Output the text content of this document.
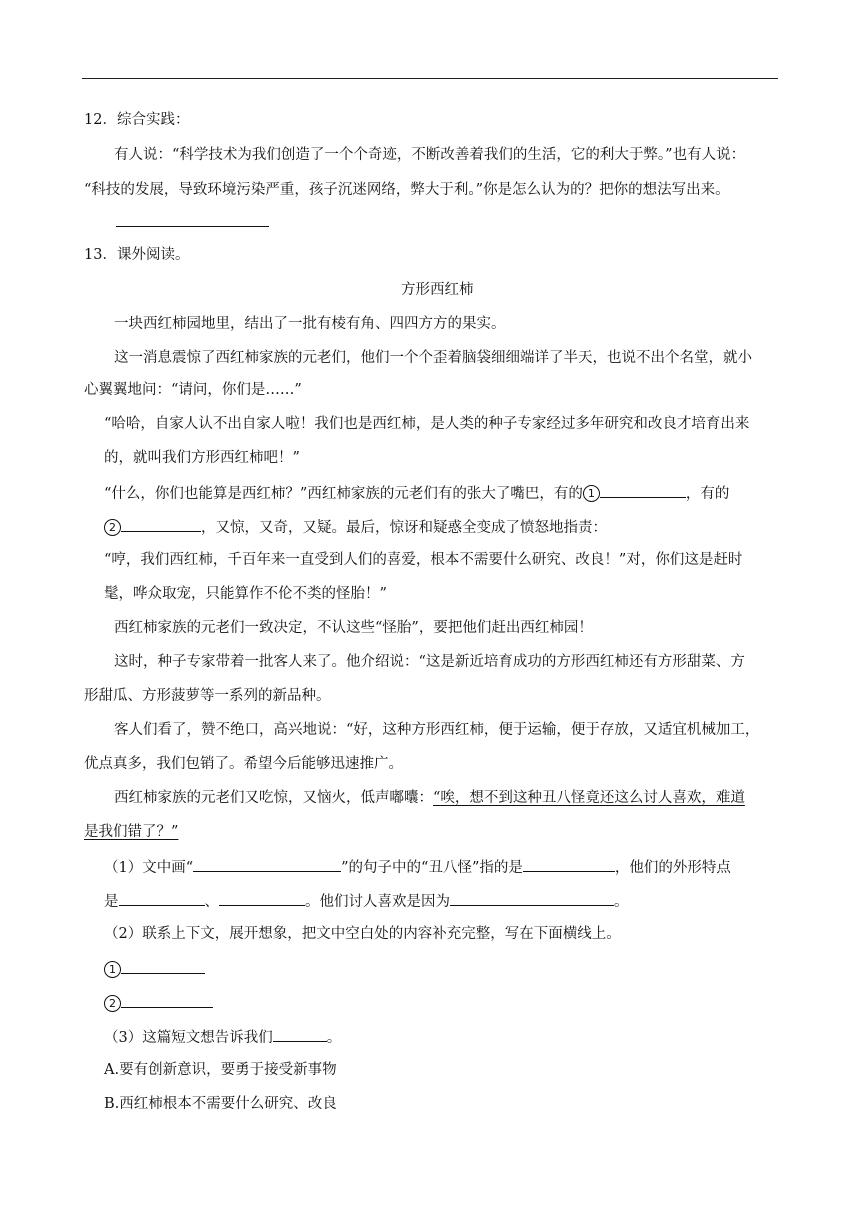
12．综合实践：
有人说：“科学技术为我们创造了一个个奇迹，不断改善着我们的生活，它的利大于弊。”也有人说：
“科技的发展，导致环境污染严重，孩子沉迷网络，弊大于利。”你是怎么认为的？把你的想法写出来。
13．课外阅读。
方形西红柿
一块西红柿园地里，结出了一批有棱有角、四四方方的果实。
这一消息震惊了西红柿家族的元老们，他们一个个歪着脑袋细细端详了半天，也说不出个名堂，就小
心翼翼地问：“请问，你们是……”
“哈哈，自家人认不出自家人啦！我们也是西红柿，是人类的种子专家经过多年研究和改良才培育出来
的，就叫我们方形西红柿吧！”
“什么，你们也能算是西红柿？”西红柿家族的元老们有的张大了嘴巴，有的 1	，有的
2	，又惊，又奇，又疑。最后，惊讶和疑惑全变成了愤怒地指责：
“哼，我们西红柿，千百年来一直受到人们的喜爱，根本不需要什么研究、改良！”对，你们这是赶时
髦，哗众取宠，只能算作不伦不类的怪胎！”
西红柿家族的元老们一致决定，不认这些“怪胎”，要把他们赶出西红柿园！
这时，种子专家带着一批客人来了。他介绍说：“这是新近培育成功的方形西红柿还有方形甜菜、方
形甜瓜、方形菠萝等一系列的新品种。
客人们看了，赞不绝口，高兴地说：“好，这种方形西红柿，便于运输，便于存放，又适宜机械加工，
优点真多，我们包销了。希望今后能够迅速推广。
西红柿家族的元老们又吃惊，又恼火，低声嘟囔：“唉，想不到这种丑八怪竟还这么讨人喜欢，难道
是我们错了？”
（1）文中画“	”的句子中的“丑八怪”指的是	，他们的外形特点
是	、	。他们讨人喜欢是因为	。
（2）联系上下文，展开想象，把文中空白处的内容补充完整，写在下面横线上。
1
2
（3）这篇短文想告诉我们	。
A.要有创新意识，要勇于接受新事物
B.西红柿根本不需要什么研究、改良
